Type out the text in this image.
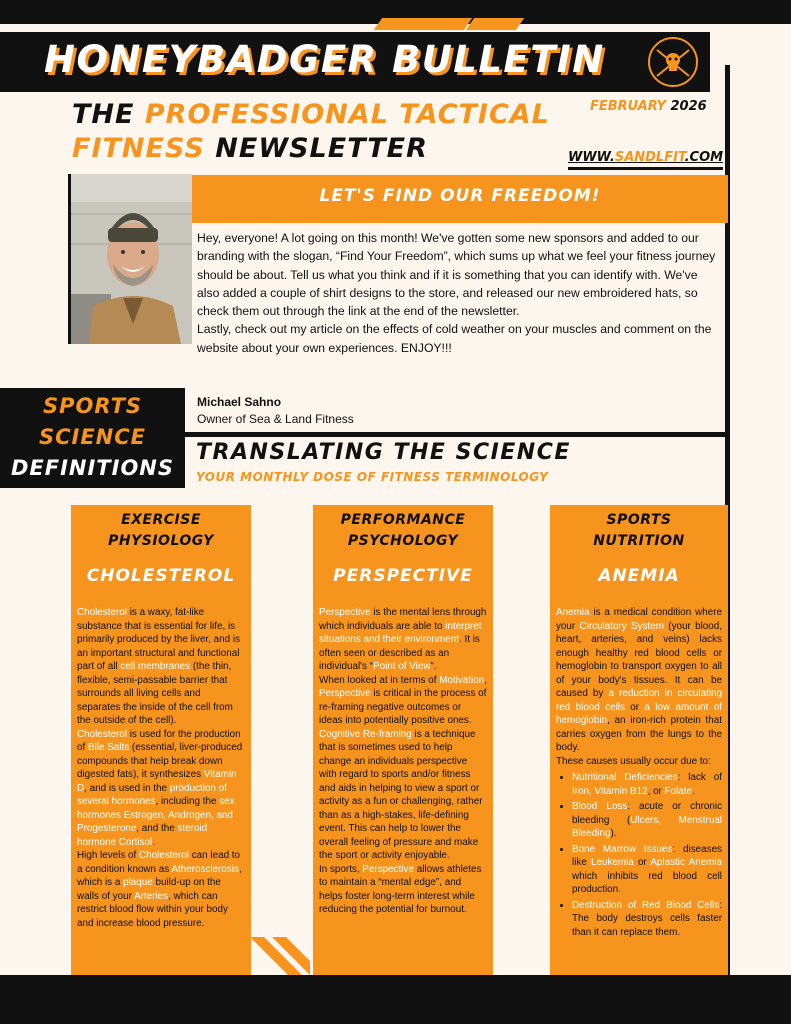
HONEYBADGER BULLETIN
THE PROFESSIONAL TACTICAL
FITNESS NEWSLETTER
FEBRUARY 2026
WWW.SANDLFIT.COM
LET'S FIND OUR FREEDOM!

Hey, everyone! A lot going on this month! We've gotten some new sponsors and added to our branding with the slogan, “Find Your Freedom”, which sums up what we feel your fitness journey should be about. Tell us what you think and if it is something that you can identify with. We've also added a couple of shirt designs to the store, and released our new embroidered hats, so check them out through the link at the end of the newsletter.

Lastly, check out my article on the effects of cold weather on your muscles and comment on the website about your own experiences. ENJOY!!!

Michael Sahno
Owner of Sea & Land Fitness
SPORTS
SCIENCE
DEFINITIONS
TRANSLATING THE SCIENCE
YOUR MONTHLY DOSE OF FITNESS TERMINOLOGY
EXERCISE
PHYSIOLOGY
CHOLESTEROL

Cholesterol is a waxy, fat-like substance that is essential for life, is primarily produced by the liver, and is an important structural and functional part of all cell membranes (the thin, flexible, semi-passable barrier that surrounds all living cells and separates the inside of the cell from the outside of the cell).

Cholesterol is used for the production of Bile Salts (essential, liver-produced compounds that help break down digested fats), it synthesizes Vitamin D, and is used in the production of several hormones, including the sex hormones Estrogen, Androgen, and Progesterone, and the steroid hormone Cortisol.

High levels of Cholesterol can lead to a condition known as Atherosclerosis, which is a plaque build-up on the walls of your Arteries, which can restrict blood flow within your body and increase blood pressure.

PERFORMANCE
PSYCHOLOGY
PERSPECTIVE

Perspective is the mental lens through which individuals are able to interpret situations and their environment. It is often seen or described as an individual's “Point of View”.

When looked at in terms of Motivation, Perspective is critical in the process of re-framing negative outcomes or ideas into potentially positive ones.

Cognitive Re-framing is a technique that is sometimes used to help change an individuals perspective with regard to sports and/or fitness and aids in helping to view a sport or activity as a fun or challenging, rather than as a high-stakes, life-defining event. This can help to lower the overall feeling of pressure and make the sport or activity enjoyable.

In sports, Perspective allows athletes to maintain a “mental edge”, and helps foster long-term interest while reducing the potential for burnout.

SPORTS
NUTRITION
ANEMIA

Anemia is a medical condition where your Circulatory System (your blood, heart, arteries, and veins) lacks enough healthy red blood cells or hemoglobin to transport oxygen to all of your body's tissues. It can be caused by a reduction in circulating red blood cells or a low amount of hemoglobin, an iron-rich protein that carries oxygen from the lungs to the body.

These causes usually occur due to:

• Nutritional Deficiencies: lack of Iron, Vitamin B12, or Folate.
• Blood Loss: acute or chronic bleeding (Ulcers, Menstrual Bleeding).
• Bone Marrow Issues: diseases like Leukemia or Aplastic Anemia which inhibits red blood cell production.
• Destruction of Red Blood Cells: The body destroys cells faster than it can replace them.
